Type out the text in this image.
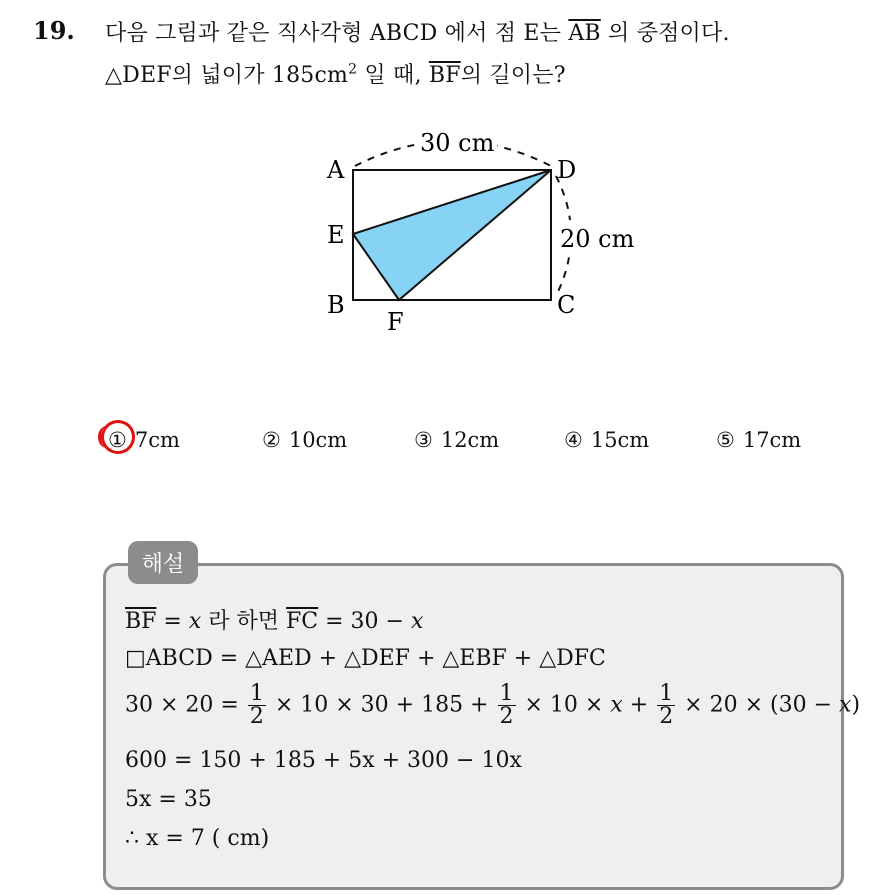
19. 다음 그림과 같은 직사각형 ABCD 에서 점 E는 $\overline{AB}$ 의 중점이다.
△DEF의 넓이가 $185cm^2$ 일 때, $\overline{BF}$의 길이는?
30 cm
20 cm
A	D
E
B	C
F
① 7cm	② 10cm	③ 12cm	④ 15cm	⑤ 17cm
해설
$\overline{BF} = x$ 라 하면 $\overline{FC} = 30 - x$
□ABCD = △AED + △DEF + △EBF + △DFC
$30 \times 20 = \frac{1}{2} \times 10 \times 30 + 185 + \frac{1}{2} \times 10 \times x + \frac{1}{2} \times 20 \times (30 - x)$
600 = 150 + 185 + 5x + 300 − 10x
5x = 35
∴ x = 7 ( cm)
